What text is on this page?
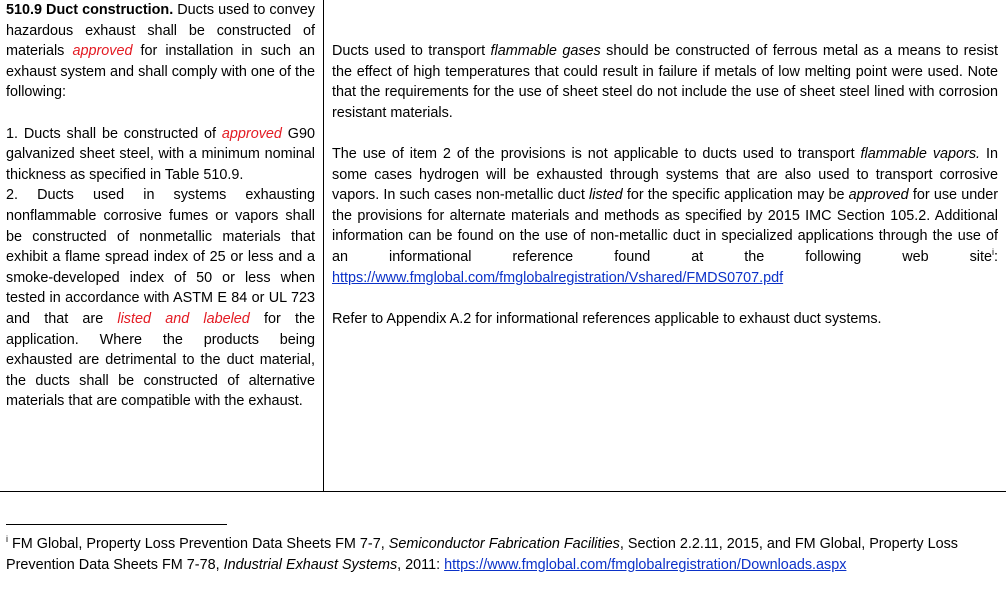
510.9 Duct construction. Ducts used to convey hazardous exhaust shall be constructed of materials approved for installation in such an exhaust system and shall comply with one of the following:

1. Ducts shall be constructed of approved G90 galvanized sheet steel, with a minimum nominal thickness as specified in Table 510.9.

2. Ducts used in systems exhausting nonflammable corrosive fumes or vapors shall be constructed of nonmetallic materials that exhibit a flame spread index of 25 or less and a smoke-developed index of 50 or less when tested in accordance with ASTM E 84 or UL 723 and that are listed and labeled for the application. Where the products being exhausted are detrimental to the duct material, the ducts shall be constructed of alternative materials that are compatible with the exhaust.

Ducts used to transport flammable gases should be constructed of ferrous metal as a means to resist the effect of high temperatures that could result in failure if metals of low melting point were used. Note that the requirements for the use of sheet steel do not include the use of sheet steel lined with corrosion resistant materials.

The use of item 2 of the provisions is not applicable to ducts used to transport flammable vapors. In some cases hydrogen will be exhausted through systems that are also used to transport corrosive vapors. In such cases non-metallic duct listed for the specific application may be approved for use under the provisions for alternate materials and methods as specified by 2015 IMC Section 105.2. Additional information can be found on the use of non-metallic duct in specialized applications through the use of an informational reference found at the following web site$^i$: https://www.fmglobal.com/fmglobalregistration/Vshared/FMDS0707.pdf

Refer to Appendix A.2 for informational references applicable to exhaust duct systems.

$^i$ FM Global, Property Loss Prevention Data Sheets FM 7-7, Semiconductor Fabrication Facilities, Section 2.2.11, 2015, and FM Global, Property Loss Prevention Data Sheets FM 7-78, Industrial Exhaust Systems, 2011: https://www.fmglobal.com/fmglobalregistration/Downloads.aspx
